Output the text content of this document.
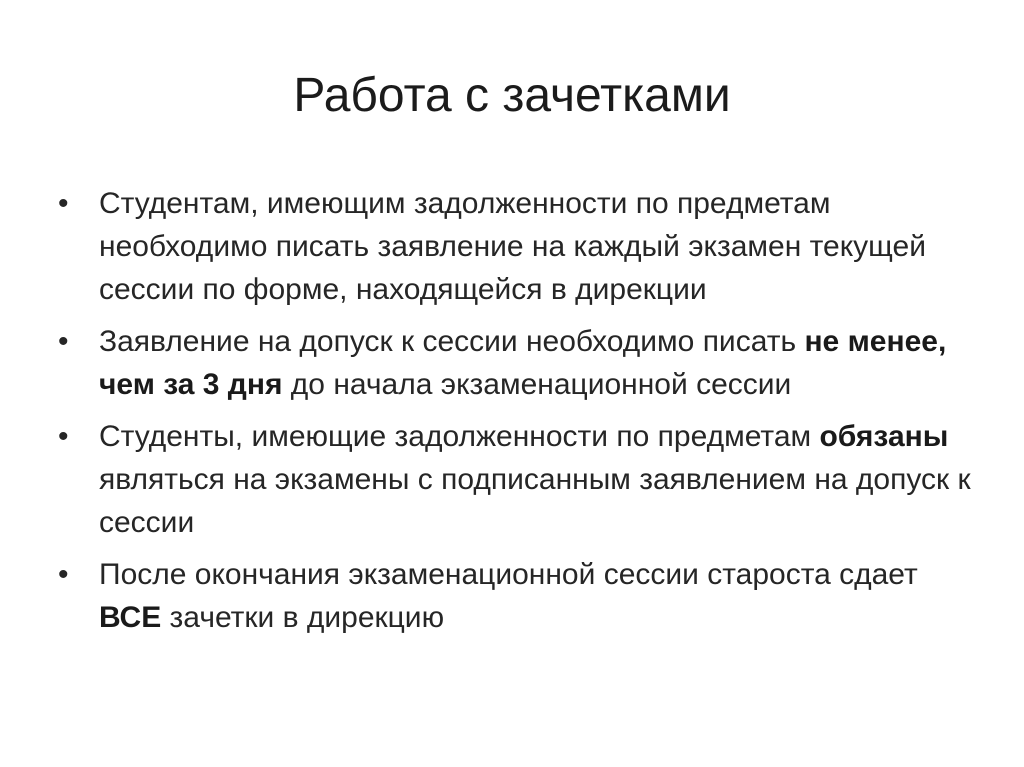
Работа с зачетками
• Студентам, имеющим задолженности по предметам необходимо писать заявление на каждый экзамен текущей сессии по форме, находящейся в дирекции
• Заявление на допуск к сессии необходимо писать не менее, чем за 3 дня до начала экзаменационной сессии
• Студенты, имеющие задолженности по предметам обязаны являться на экзамены с подписанным заявлением на допуск к сессии
• После окончания экзаменационной сессии староста сдает ВСЕ зачетки в дирекцию
